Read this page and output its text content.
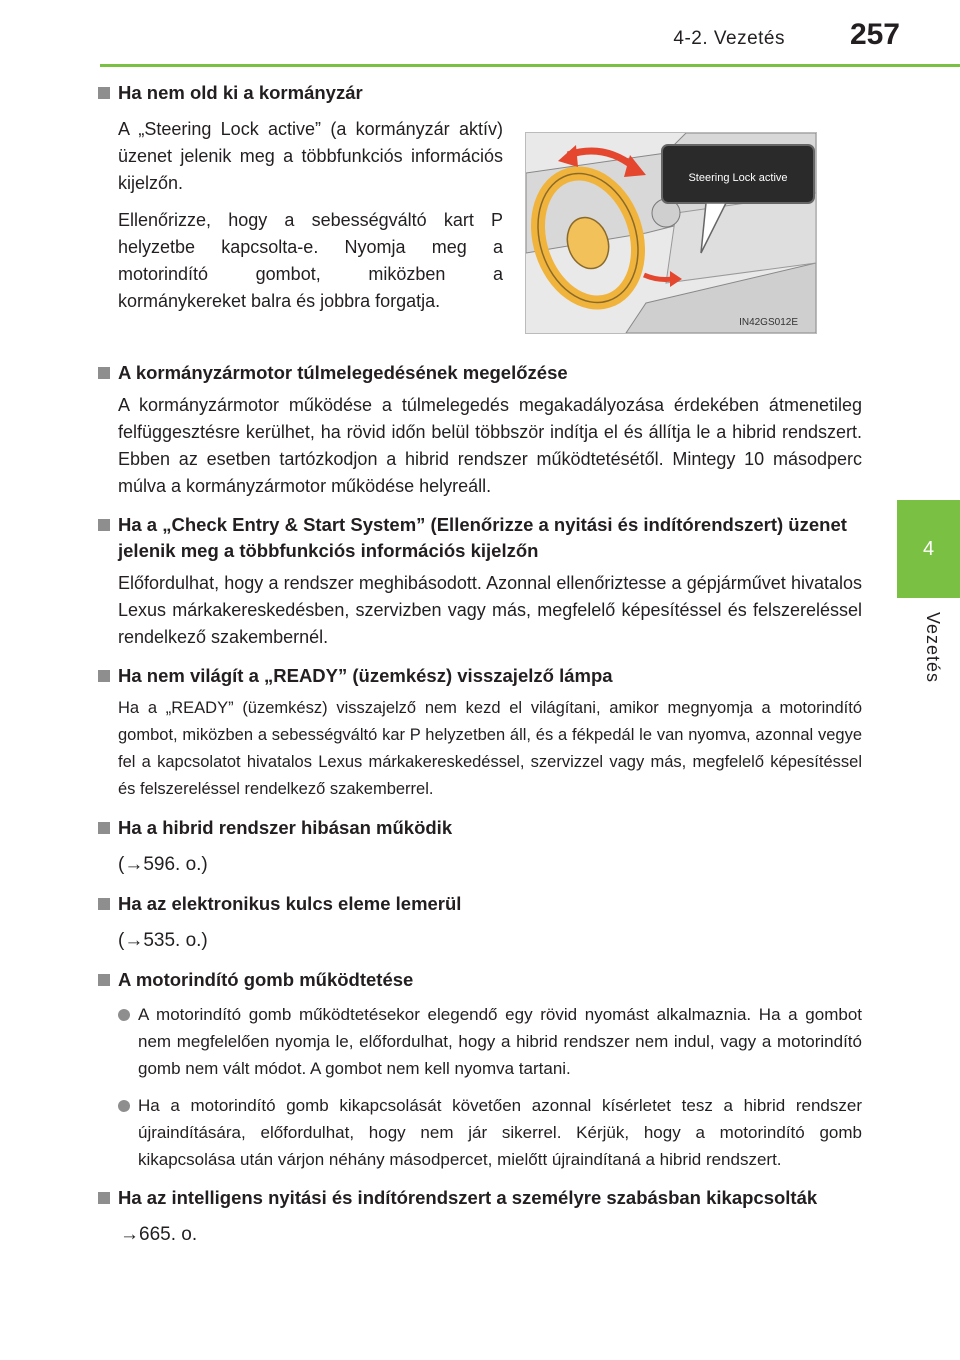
4-2. Vezetés	257
4
Vezetés
Ha nem old ki a kormányzár
A „Steering Lock active” (a kormányzár aktív) üzenet jelenik meg a többfunkciós információs kijelzőn.
Ellenőrizze, hogy a sebességváltó kart P helyzetbe kapcsolta-e. Nyomja meg a motorindító gombot, miközben a kormánykereket balra és jobbra forgatja.
Steering Lock active
IN42GS012E
A kormányzármotor túlmelegedésének megelőzése
A kormányzármotor működése a túlmelegedés megakadályozása érdekében átmenetileg felfüggesztésre kerülhet, ha rövid időn belül többször indítja el és állítja le a hibrid rendszert. Ebben az esetben tartózkodjon a hibrid rendszer működtetésétől. Mintegy 10 másodperc múlva a kormányzármotor működése helyreáll.
Ha a „Check Entry & Start System” (Ellenőrizze a nyitási és indítórendszert) üzenet jelenik meg a többfunkciós információs kijelzőn
Előfordulhat, hogy a rendszer meghibásodott. Azonnal ellenőriztesse a gépjárművet hivatalos Lexus márkakereskedésben, szervizben vagy más, megfelelő képesítéssel és felszereléssel rendelkező szakembernél.
Ha nem világít a „READY” (üzemkész) visszajelző lámpa
Ha a „READY” (üzemkész) visszajelző nem kezd el világítani, amikor megnyomja a motorindító gombot, miközben a sebességváltó kar P helyzetben áll, és a fékpedál le van nyomva, azonnal vegye fel a kapcsolatot hivatalos Lexus márkakereskedéssel, szervizzel vagy más, megfelelő képesítéssel és felszereléssel rendelkező szakemberrel.
Ha a hibrid rendszer hibásan működik
(→596. o.)
Ha az elektronikus kulcs eleme lemerül
(→535. o.)
A motorindító gomb működtetése
A motorindító gomb működtetésekor elegendő egy rövid nyomást alkalmaznia. Ha a gombot nem megfelelően nyomja le, előfordulhat, hogy a hibrid rendszer nem indul, vagy a motorindító gomb nem vált módot. A gombot nem kell nyomva tartani.
Ha a motorindító gomb kikapcsolását követően azonnal kísérletet tesz a hibrid rendszer újraindítására, előfordulhat, hogy nem jár sikerrel. Kérjük, hogy a motorindító gomb kikapcsolása után várjon néhány másodpercet, mielőtt újraindítaná a hibrid rendszert.
Ha az intelligens nyitási és indítórendszert a személyre szabásban kikapcsolták
→665. o.
